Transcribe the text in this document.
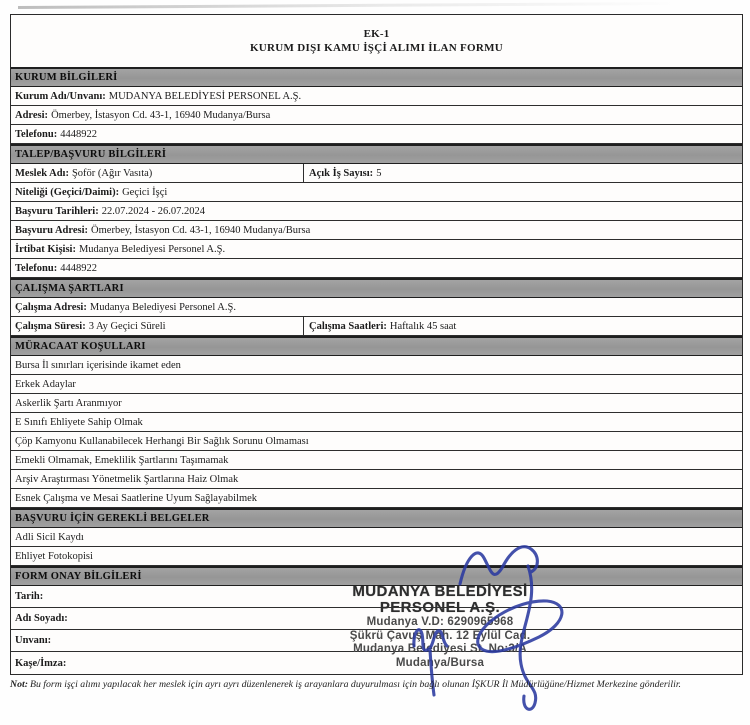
EK-1
KURUM DIŞI KAMU İŞÇİ ALIMI İLAN FORMU
KURUM BİLGİLERİ
Kurum Adı/Unvanı: MUDANYA BELEDİYESİ PERSONEL A.Ş.
Adresi: Ömerbey, İstasyon Cd. 43-1, 16940 Mudanya/Bursa
Telefonu: 4448922
TALEP/BAŞVURU BİLGİLERİ
Meslek Adı: Şoför (Ağır Vasıta)	Açık İş Sayısı: 5
Niteliği (Geçici/Daimi): Geçici İşçi
Başvuru Tarihleri: 22.07.2024 - 26.07.2024
Başvuru Adresi: Ömerbey, İstasyon Cd. 43-1, 16940 Mudanya/Bursa
İrtibat Kişisi: Mudanya Belediyesi Personel A.Ş.
Telefonu: 4448922
ÇALIŞMA ŞARTLARI
Çalışma Adresi: Mudanya Belediyesi Personel A.Ş.
Çalışma Süresi: 3 Ay Geçici Süreli	Çalışma Saatleri: Haftalık 45 saat
MÜRACAAT KOŞULLARI
Bursa İl sınırları içerisinde ikamet eden
Erkek Adaylar
Askerlik Şartı Aranmıyor
E Sınıfı Ehliyete Sahip Olmak
Çöp Kamyonu Kullanabilecek Herhangi Bir Sağlık Sorunu Olmaması
Emekli Olmamak, Emeklilik Şartlarını Taşımamak
Arşiv Araştırması Yönetmelik Şartlarına Haiz Olmak
Esnek Çalışma ve Mesai Saatlerine Uyum Sağlayabilmek
BAŞVURU İÇİN GEREKLİ BELGELER
Adli Sicil Kaydı
Ehliyet Fotokopisi
FORM ONAY BİLGİLERİ
Tarih:
Adı Soyadı:
Unvanı:
Kaşe/İmza:
MUDANYA BELEDİYESİ
PERSONEL A.Ş.
Mudanya V.D: 6290965968
Şükrü Çavuş Mah. 12 Eylül Cad.
Mudanya Belediyesi St. No:3/A
Mudanya/Bursa
Not: Bu form işçi alımı yapılacak her meslek için ayrı ayrı düzenlenerek iş arayanlara duyurulması için bağlı olunan İŞKUR İl Müdürlüğüne/Hizmet Merkezine gönderilir.
